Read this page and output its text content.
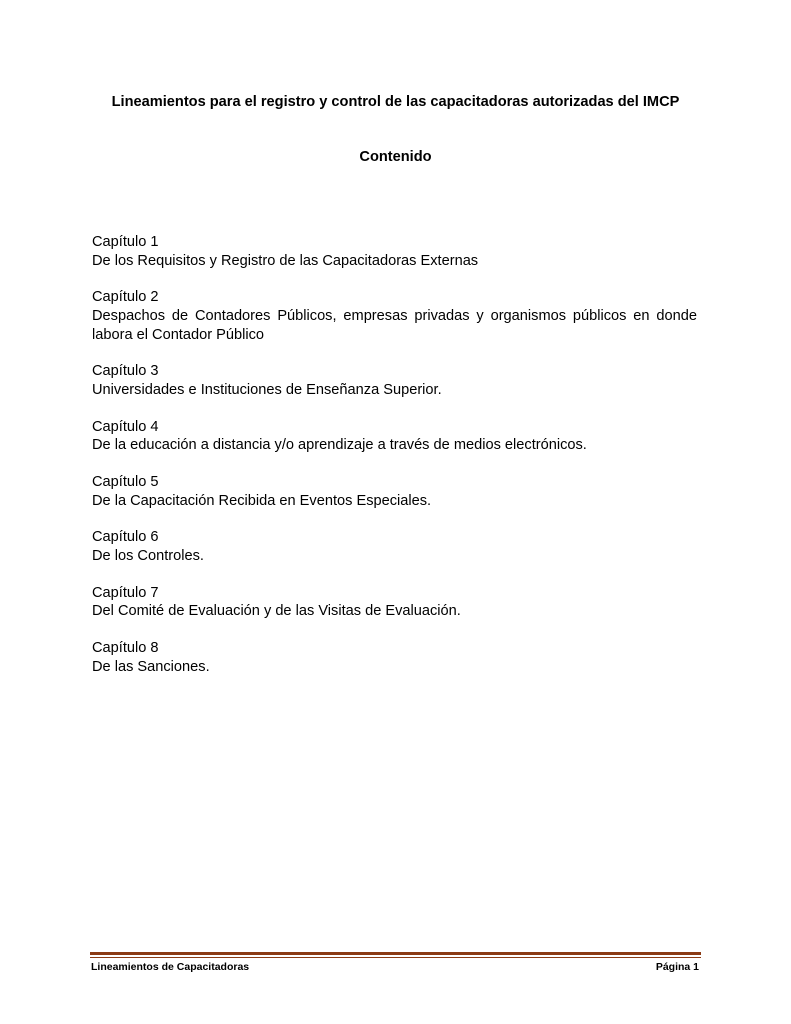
Lineamientos para el registro y control de las capacitadoras autorizadas del IMCP
Contenido
Capítulo 1
De los Requisitos y Registro de las Capacitadoras Externas
Capítulo 2
Despachos de Contadores Públicos, empresas privadas y organismos públicos en donde labora el Contador Público
Capítulo 3
Universidades e Instituciones de Enseñanza Superior.
Capítulo 4
De la educación a distancia y/o aprendizaje a través de medios electrónicos.
Capítulo 5
De la Capacitación Recibida en Eventos Especiales.
Capítulo 6
De los Controles.
Capítulo 7
Del Comité de Evaluación y de las Visitas de Evaluación.
Capítulo 8
De las Sanciones.
Lineamientos de Capacitadoras	Página 1
